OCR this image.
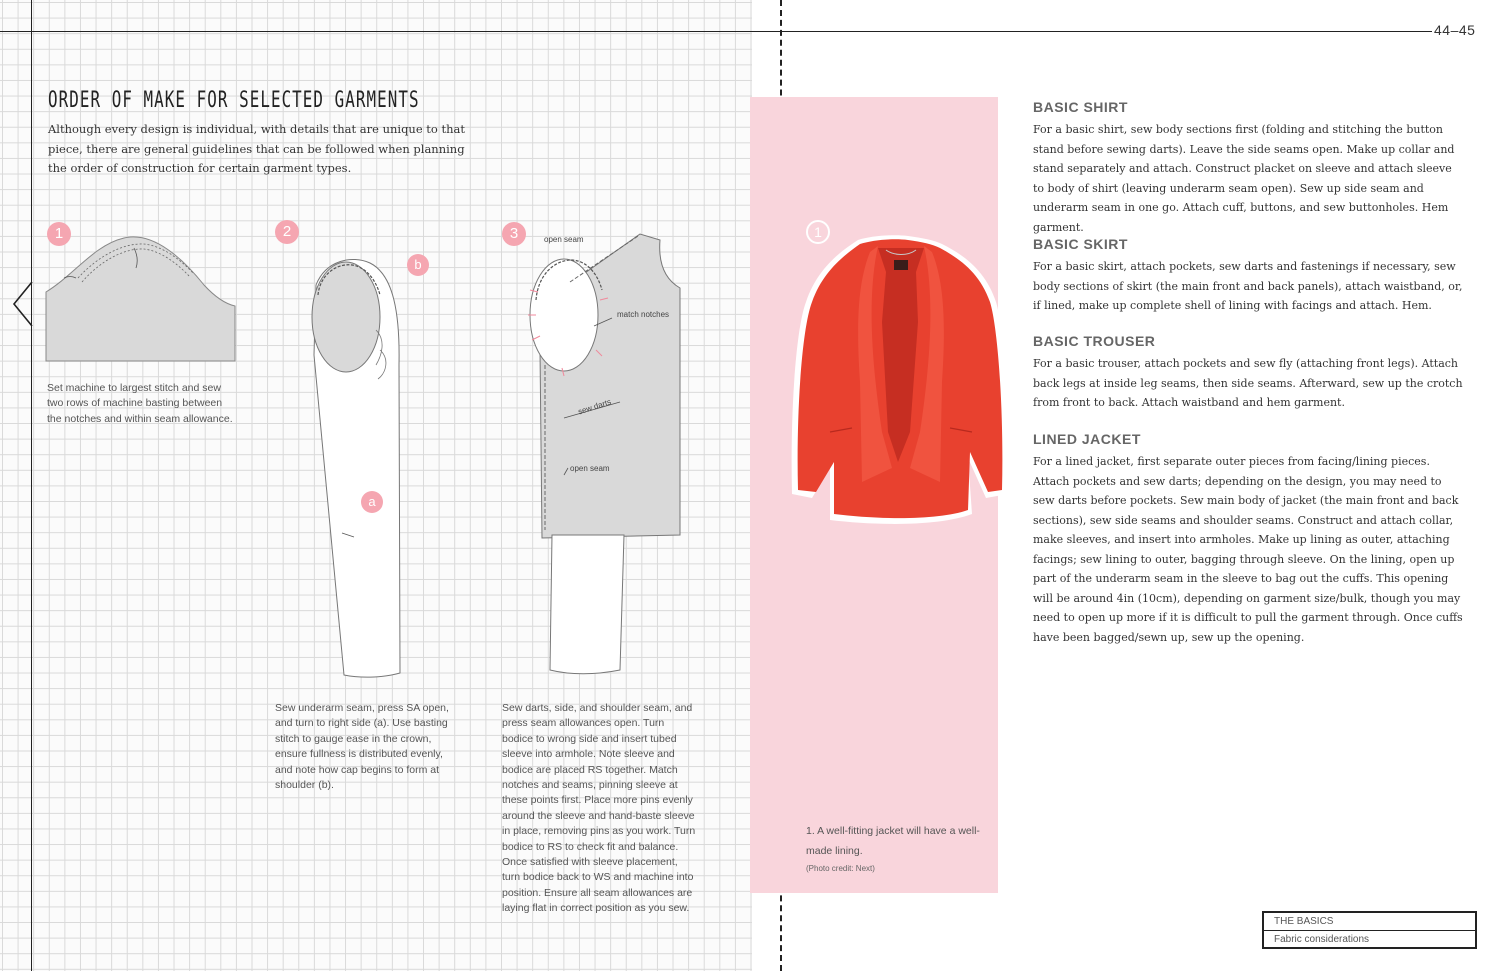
44–45
ORDER OF MAKE FOR SELECTED GARMENTS

Although every design is individual, with details that are unique to that piece, there are general guidelines that can be followed when planning the order of construction for certain garment types.

1

Set machine to largest stitch and sew two rows of machine basting between the notches and within seam allowance.

2
a
b

Sew underarm seam, press SA open, and turn to right side (a). Use basting stitch to gauge ease in the crown, ensure fullness is distributed evenly, and note how cap begins to form at shoulder (b).

3	open seam
match notches
sew darts
open seam

Sew darts, side, and shoulder seam, and press seam allowances open. Turn bodice to wrong side and insert tubed sleeve into armhole. Note sleeve and bodice are placed RS together. Match notches and seams, pinning sleeve at these points first. Place more pins evenly around the sleeve and hand-baste sleeve in place, removing pins as you work. Turn bodice to RS to check fit and balance. Once satisfied with sleeve placement, turn bodice back to WS and machine into position. Ensure all seam allowances are laying flat in correct position as you sew.

1

1. A well-fitting jacket will have a well-made lining.

(Photo credit: Next)
BASIC SHIRT

For a basic shirt, sew body sections first (folding and stitching the button stand before sewing darts). Leave the side seams open. Make up collar and stand separately and attach. Construct placket on sleeve and attach sleeve to body of shirt (leaving underarm seam open). Sew up side seam and underarm seam in one go. Attach cuff, buttons, and sew buttonholes. Hem garment.

BASIC SKIRT

For a basic skirt, attach pockets, sew darts and fastenings if necessary, sew body sections of skirt (the main front and back panels), attach waistband, or, if lined, make up complete shell of lining with facings and attach. Hem.

BASIC TROUSER

For a basic trouser, attach pockets and sew fly (attaching front legs). Attach back legs at inside leg seams, then side seams. Afterward, sew up the crotch from front to back. Attach waistband and hem garment.

LINED JACKET

For a lined jacket, first separate outer pieces from facing/lining pieces. Attach pockets and sew darts; depending on the design, you may need to sew darts before pockets. Sew main body of jacket (the main front and back sections), sew side seams and shoulder seams. Construct and attach collar, make sleeves, and insert into armholes. Make up lining as outer, attaching facings; sew lining to outer, bagging through sleeve. On the lining, open up part of the underarm seam in the sleeve to bag out the cuffs. This opening will be around 4in (10cm), depending on garment size/bulk, though you may need to open up more if it is difficult to pull the garment through. Once cuffs have been bagged/sewn up, sew up the opening.

THE BASICS
Fabric considerations
